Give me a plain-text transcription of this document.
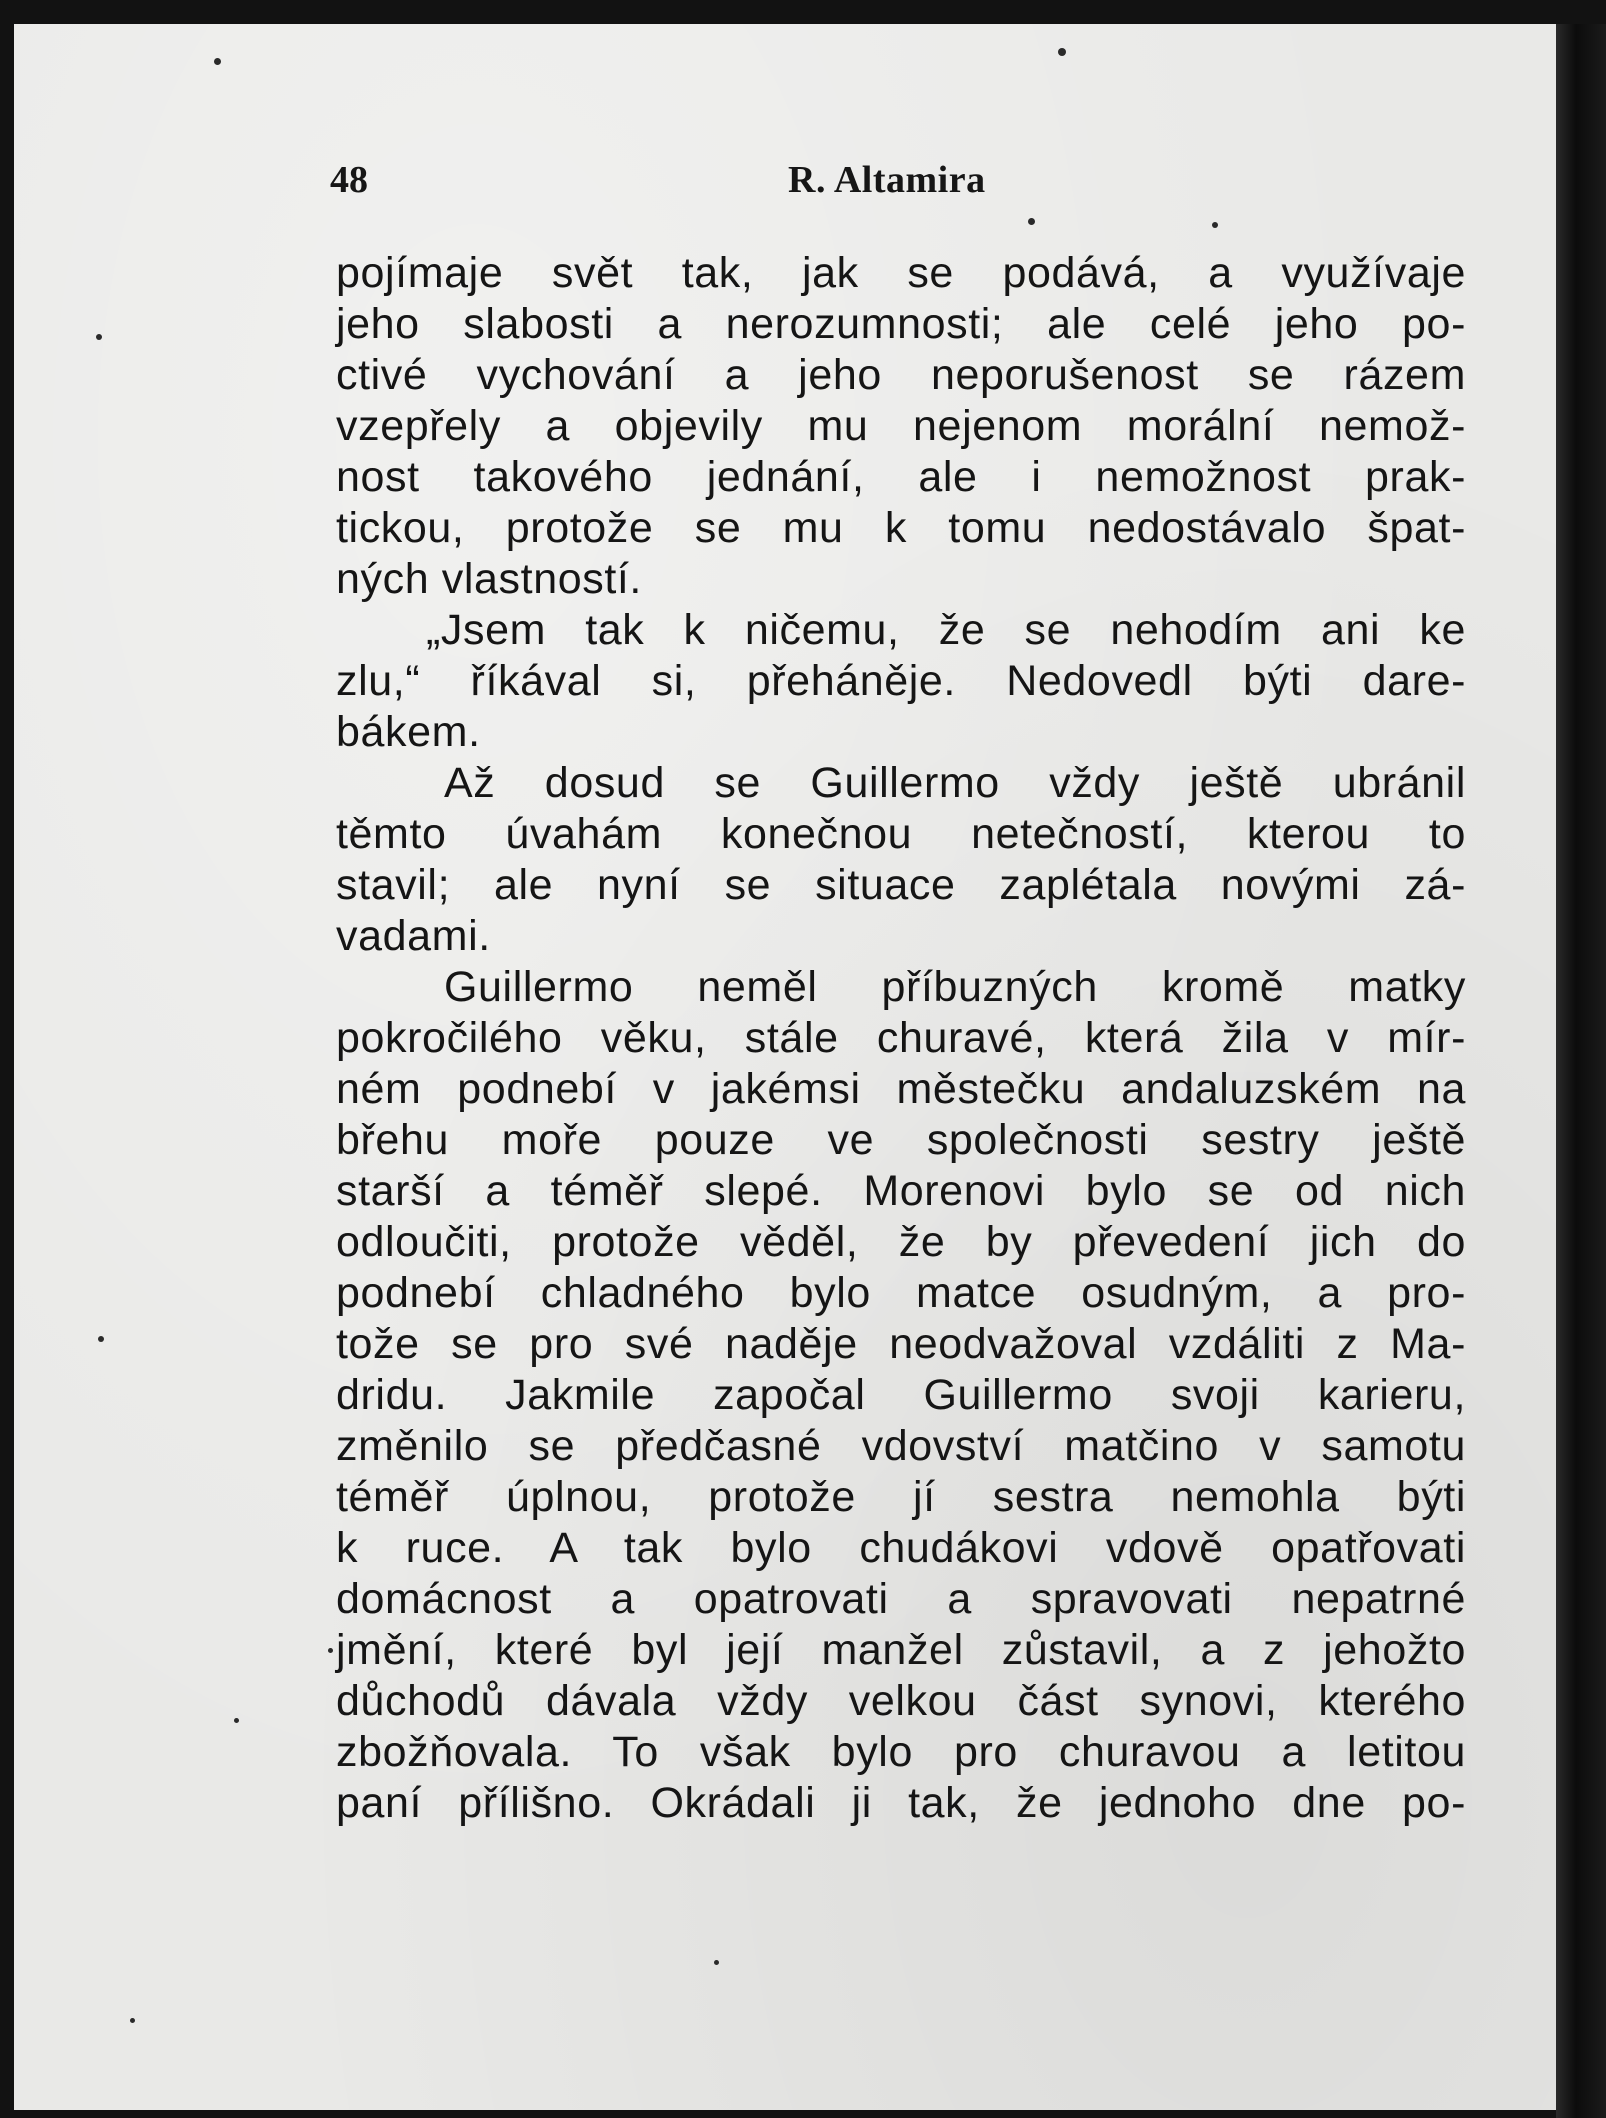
48	R. Altamira
pojímaje svět tak, jak se podává, a využívaje
jeho slabosti a nerozumnosti; ale celé jeho po-
ctivé vychování a jeho neporušenost se rázem
vzepřely a objevily mu nejenom morální nemož-
nost takového jednání, ale i nemožnost prak-
tickou, protože se mu k tomu nedostávalo špat-
ných vlastností.
„Jsem tak k ničemu, že se nehodím ani ke
zlu,“ říkával si, přeháněje. Nedovedl býti dare-
bákem.
Až dosud se Guillermo vždy ještě ubránil
těmto úvahám konečnou netečností, kterou to
stavil; ale nyní se situace zaplétala novými zá-
vadami.
Guillermo neměl příbuzných kromě matky
pokročilého věku, stále churavé, která žila v mír-
ném podnebí v jakémsi městečku andaluzském na
břehu moře pouze ve společnosti sestry ještě
starší a téměř slepé. Morenovi bylo se od nich
odloučiti, protože věděl, že by převedení jich do
podnebí chladného bylo matce osudným, a pro-
tože se pro své naděje neodvažoval vzdáliti z Ma-
dridu. Jakmile započal Guillermo svoji karieru,
změnilo se předčasné vdovství matčino v samotu
téměř úplnou, protože jí sestra nemohla býti
k ruce. A tak bylo chudákovi vdově opatřovati
domácnost a opatrovati a spravovati nepatrné
jmění, které byl její manžel zůstavil, a z jehožto
důchodů dávala vždy velkou část synovi, kterého
zbožňovala. To však bylo pro churavou a letitou
paní přílišno. Okrádali ji tak, že jednoho dne po-
